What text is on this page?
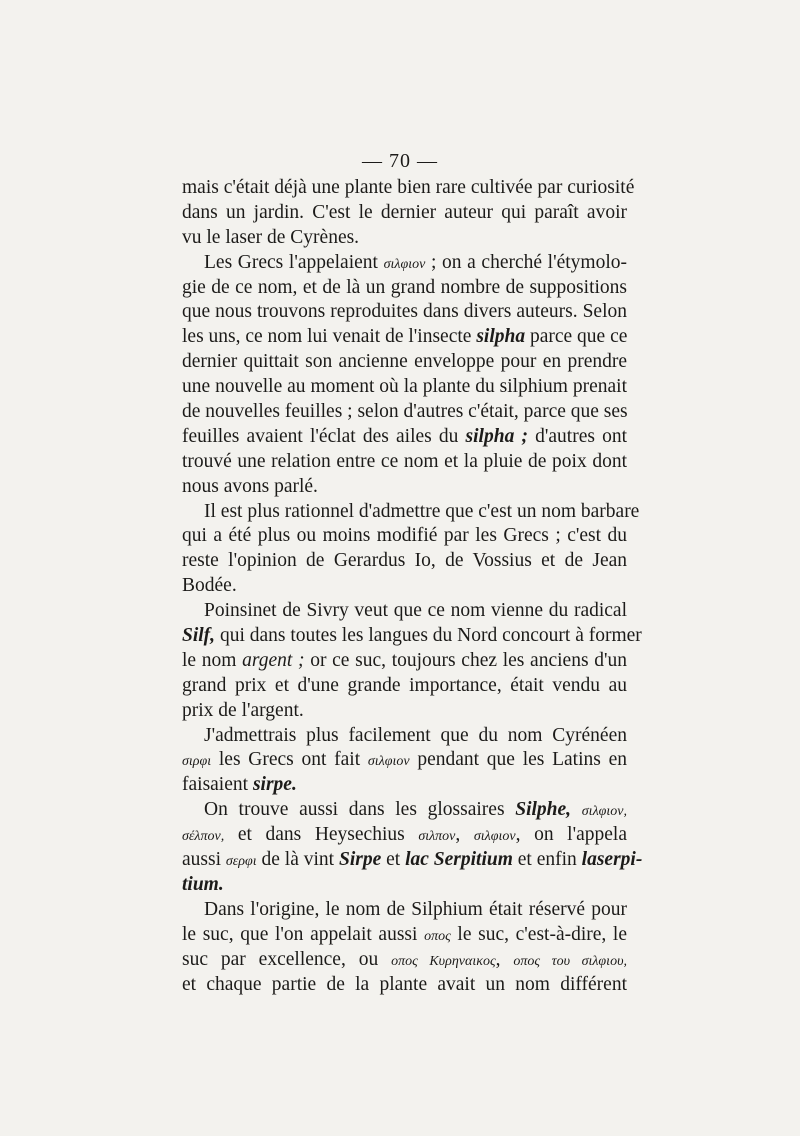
— 70 —
mais c'était déjà une plante bien rare cultivée par curiosité
dans un jardin. C'est le dernier auteur qui paraît avoir
vu le laser de Cyrènes.
Les Grecs l'appelaient σιλφιον ; on a cherché l'étymolo-
gie de ce nom, et de là un grand nombre de suppositions
que nous trouvons reproduites dans divers auteurs. Selon
les uns, ce nom lui venait de l'insecte silpha parce que ce
dernier quittait son ancienne enveloppe pour en prendre
une nouvelle au moment où la plante du silphium prenait
de nouvelles feuilles ; selon d'autres c'était, parce que ses
feuilles avaient l'éclat des ailes du silpha ; d'autres ont
trouvé une relation entre ce nom et la pluie de poix dont
nous avons parlé.
Il est plus rationnel d'admettre que c'est un nom barbare
qui a été plus ou moins modifié par les Grecs ; c'est du
reste l'opinion de Gerardus Io, de Vossius et de Jean
Bodée.
Poinsinet de Sivry veut que ce nom vienne du radical
Silf, qui dans toutes les langues du Nord concourt à former
le nom argent ; or ce suc, toujours chez les anciens d'un
grand prix et d'une grande importance, était vendu au
prix de l'argent.
J'admettrais plus facilement que du nom Cyrénéen
σιρφι les Grecs ont fait σιλφιον pendant que les Latins en
faisaient sirpe.
On trouve aussi dans les glossaires Silphe, σιλφιον,
σέλπον, et dans Heysechius σιλπον, σιλφιον, on l'appela
aussi σερφι de là vint Sirpe et lac Serpitium et enfin laserpi-
tium.
Dans l'origine, le nom de Silphium était réservé pour
le suc, que l'on appelait aussi οπος le suc, c'est-à-dire, le
suc par excellence, ou οπος Κυρηναικος, οπος του σιλφιου,
et chaque partie de la plante avait un nom différent
